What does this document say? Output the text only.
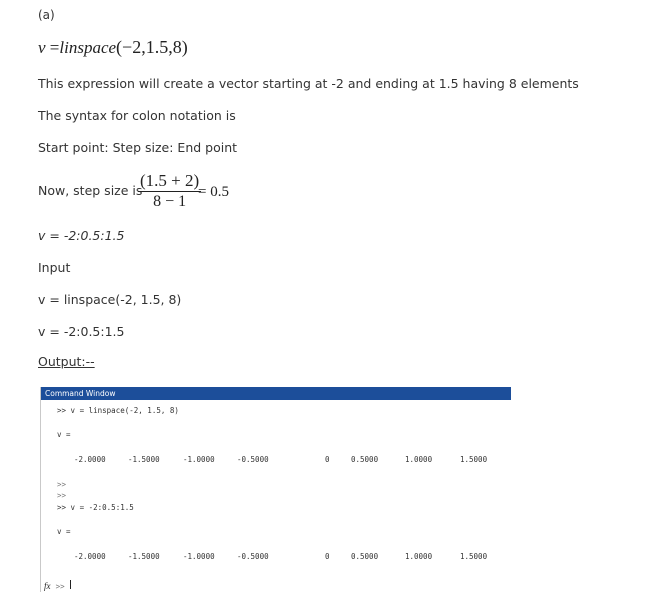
(a)
v =linspace(−2,1.5,8)
This expression will create a vector starting at -2 and ending at 1.5 having 8 elements
The syntax for colon notation is
Start point: Step size: End point
Now, step size is
$\frac{(1.5 + 2)}{8 - 1}$
= 0.5
v = -2:0.5:1.5
Input
v = linspace(-2, 1.5, 8)
v = -2:0.5:1.5
Output:--
Command Window
>> v = linspace(-2, 1.5, 8)
v =
-2.0000	-1.5000	-1.0000	-0.5000	0	0.5000	1.0000	1.5000
>>
>>
>> v = -2:0.5:1.5
v =
-2.0000	-1.5000	-1.0000	-0.5000	0	0.5000	1.0000	1.5000
fx >>
